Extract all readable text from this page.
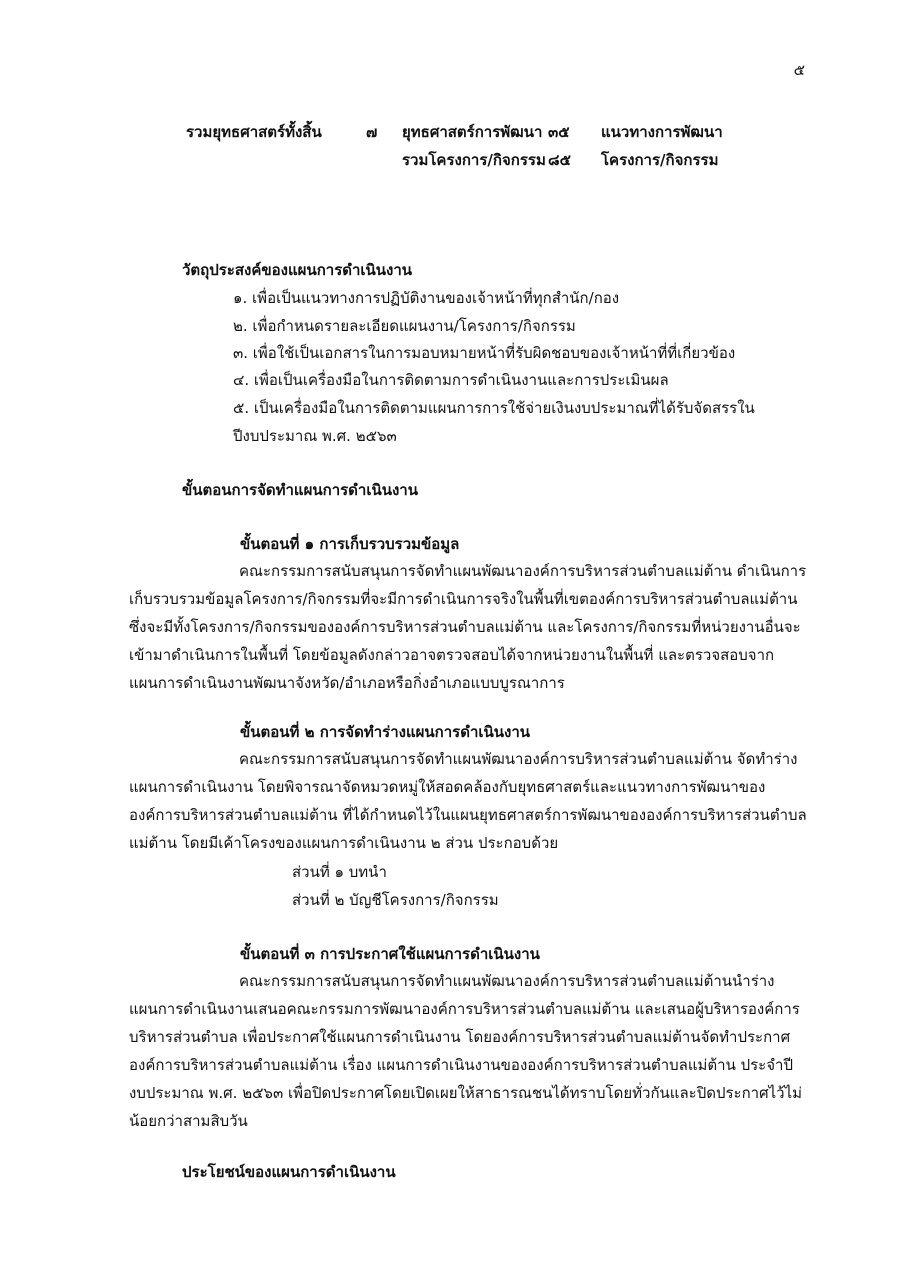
๕
รวมยุทธศาสตร์ทั้งสิ้น	๗ ยุทธศาสตร์การพัฒนา ๓๕ แนวทางการพัฒนา
รวมโครงการ/กิจกรรม ๘๕ โครงการ/กิจกรรม
วัตถุประสงค์ของแผนการดำเนินงาน
๑. เพื่อเป็นแนวทางการปฏิบัติงานของเจ้าหน้าที่ทุกสำนัก/กอง
๒. เพื่อกำหนดรายละเอียดแผนงาน/โครงการ/กิจกรรม
๓. เพื่อใช้เป็นเอกสารในการมอบหมายหน้าที่รับผิดชอบของเจ้าหน้าที่ที่เกี่ยวข้อง
๔. เพื่อเป็นเครื่องมือในการติดตามการดำเนินงานและการประเมินผล
๕. เป็นเครื่องมือในการติดตามแผนการการใช้จ่ายเงินงบประมาณที่ได้รับจัดสรรใน
ปีงบประมาณ พ.ศ. ๒๕๖๓
ขั้นตอนการจัดทำแผนการดำเนินงาน
ขั้นตอนที่ ๑ การเก็บรวบรวมข้อมูล
คณะกรรมการสนับสนุนการจัดทำแผนพัฒนาองค์การบริหารส่วนตำบลแม่ต้าน ดำเนินการ
เก็บรวบรวมข้อมูลโครงการ/กิจกรรมที่จะมีการดำเนินการจริงในพื้นที่เขตองค์การบริหารส่วนตำบลแม่ต้าน
ซึ่งจะมีทั้งโครงการ/กิจกรรมขององค์การบริหารส่วนตำบลแม่ต้าน และโครงการ/กิจกรรมที่หน่วยงานอื่นจะ
เข้ามาดำเนินการในพื้นที่ โดยข้อมูลดังกล่าวอาจตรวจสอบได้จากหน่วยงานในพื้นที่ และตรวจสอบจาก
แผนการดำเนินงานพัฒนาจังหวัด/อำเภอหรือกิ่งอำเภอแบบบูรณาการ
ขั้นตอนที่ ๒ การจัดทำร่างแผนการดำเนินงาน
คณะกรรมการสนับสนุนการจัดทำแผนพัฒนาองค์การบริหารส่วนตำบลแม่ต้าน จัดทำร่าง
แผนการดำเนินงาน โดยพิจารณาจัดหมวดหมู่ให้สอดคล้องกับยุทธศาสตร์และแนวทางการพัฒนาของ
องค์การบริหารส่วนตำบลแม่ต้าน ที่ได้กำหนดไว้ในแผนยุทธศาสตร์การพัฒนาขององค์การบริหารส่วนตำบล
แม่ต้าน โดยมีเค้าโครงของแผนการดำเนินงาน ๒ ส่วน ประกอบด้วย
ส่วนที่ ๑ บทนำ
ส่วนที่ ๒ บัญชีโครงการ/กิจกรรม
ขั้นตอนที่ ๓ การประกาศใช้แผนการดำเนินงาน
คณะกรรมการสนับสนุนการจัดทำแผนพัฒนาองค์การบริหารส่วนตำบลแม่ต้านนำร่าง
แผนการดำเนินงานเสนอคณะกรรมการพัฒนาองค์การบริหารส่วนตำบลแม่ต้าน และเสนอผู้บริหารองค์การ
บริหารส่วนตำบล เพื่อประกาศใช้แผนการดำเนินงาน โดยองค์การบริหารส่วนตำบลแม่ต้านจัดทำประกาศ
องค์การบริหารส่วนตำบลแม่ต้าน เรื่อง แผนการดำเนินงานขององค์การบริหารส่วนตำบลแม่ต้าน ประจำปี
งบประมาณ พ.ศ. ๒๕๖๓ เพื่อปิดประกาศโดยเปิดเผยให้สาธารณชนได้ทราบโดยทั่วกันและปิดประกาศไว้ไม่
น้อยกว่าสามสิบวัน
ประโยชน์ของแผนการดำเนินงาน
